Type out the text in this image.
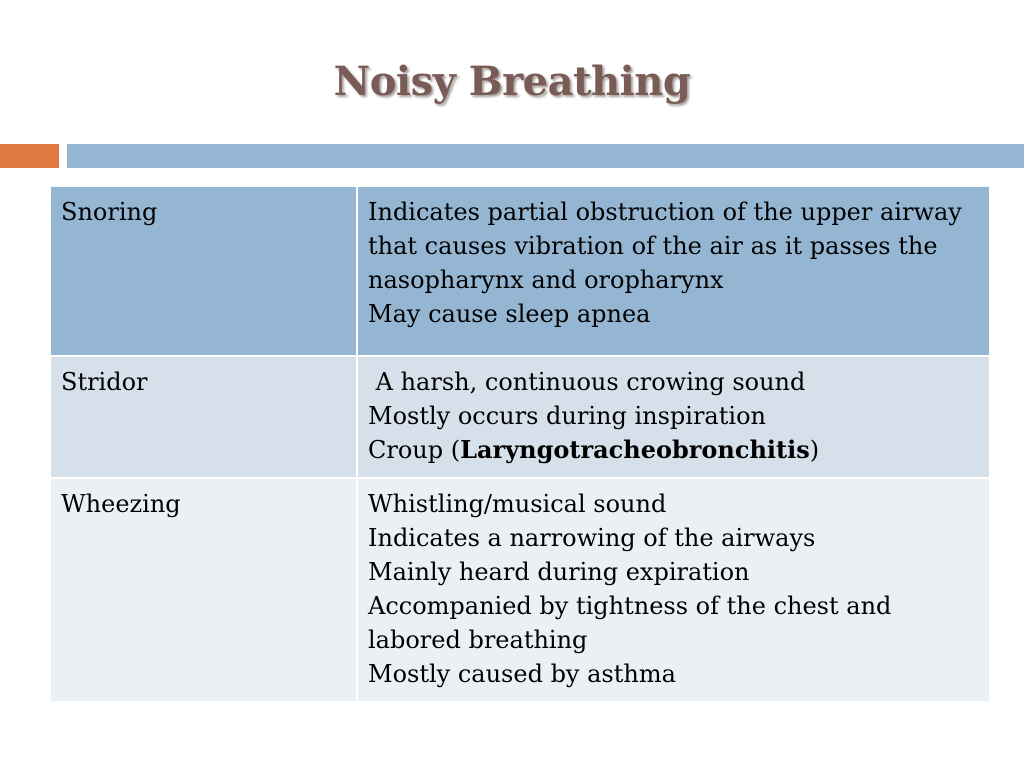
Noisy Breathing
Snoring	Indicates partial obstruction of the upper airway that causes vibration of the air as it passes the nasopharynx and oropharynx
May cause sleep apnea

Stridor	A harsh, continuous crowing sound
Mostly occurs during inspiration
Croup (Laryngotracheobronchitis)

Wheezing	Whistling/musical sound
Indicates a narrowing of the airways
Mainly heard during expiration
Accompanied by tightness of the chest and labored breathing
Mostly caused by asthma
